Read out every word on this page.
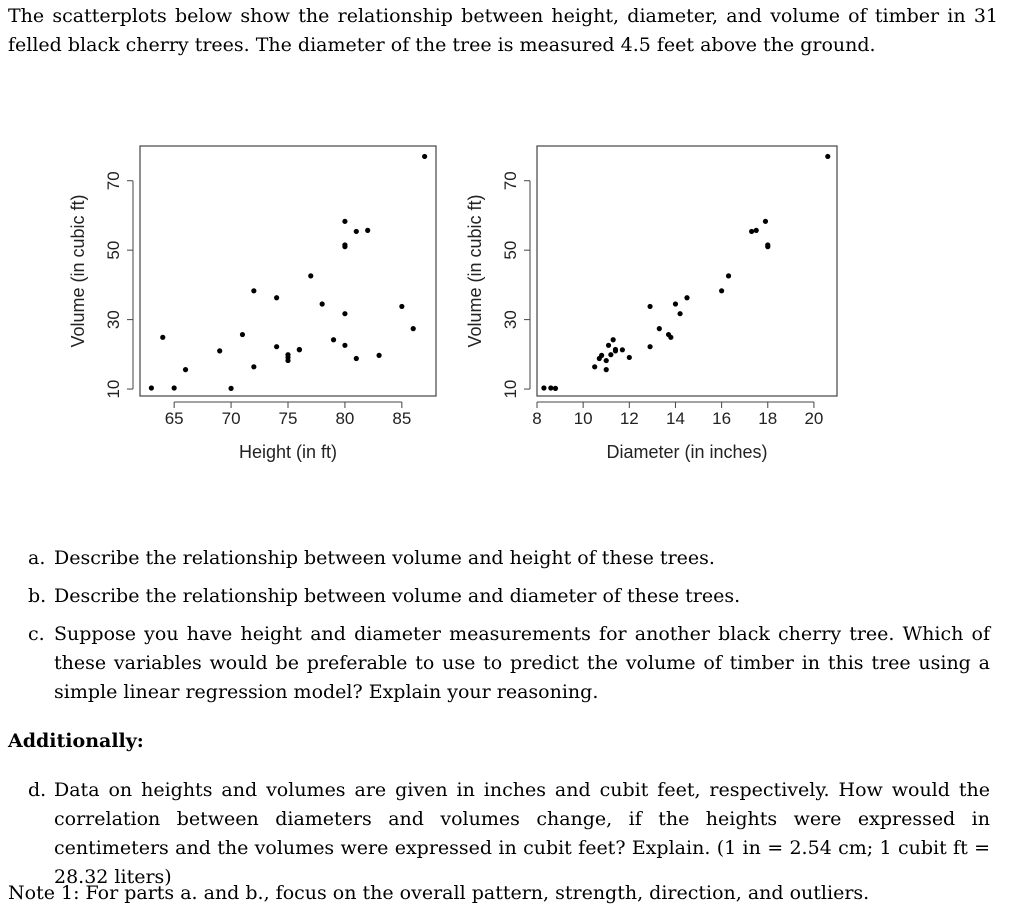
The scatterplots below show the relationship between height, diameter, and volume of timber in 31 felled black cherry trees. The diameter of the tree is measured 4.5 feet above the ground.
65 70 75 80 85
10
30
50
70
Height (in ft)
Volume (in cubic ft)
8 10 12 14 16 18 20
10
30
50
70
Diameter (in inches)
Volume (in cubic ft)
a. Describe the relationship between volume and height of these trees.
b. Describe the relationship between volume and diameter of these trees.
c. Suppose you have height and diameter measurements for another black cherry tree. Which of these variables would be preferable to use to predict the volume of timber in this tree using a simple linear regression model? Explain your reasoning.
Additionally:
d. Data on heights and volumes are given in inches and cubit feet, respectively. How would the correlation between diameters and volumes change, if the heights were expressed in centimeters and the volumes were expressed in cubit feet? Explain. (1 in = 2.54 cm; 1 cubit ft = 28.32 liters)
Note 1: For parts a. and b., focus on the overall pattern, strength, direction, and outliers.
